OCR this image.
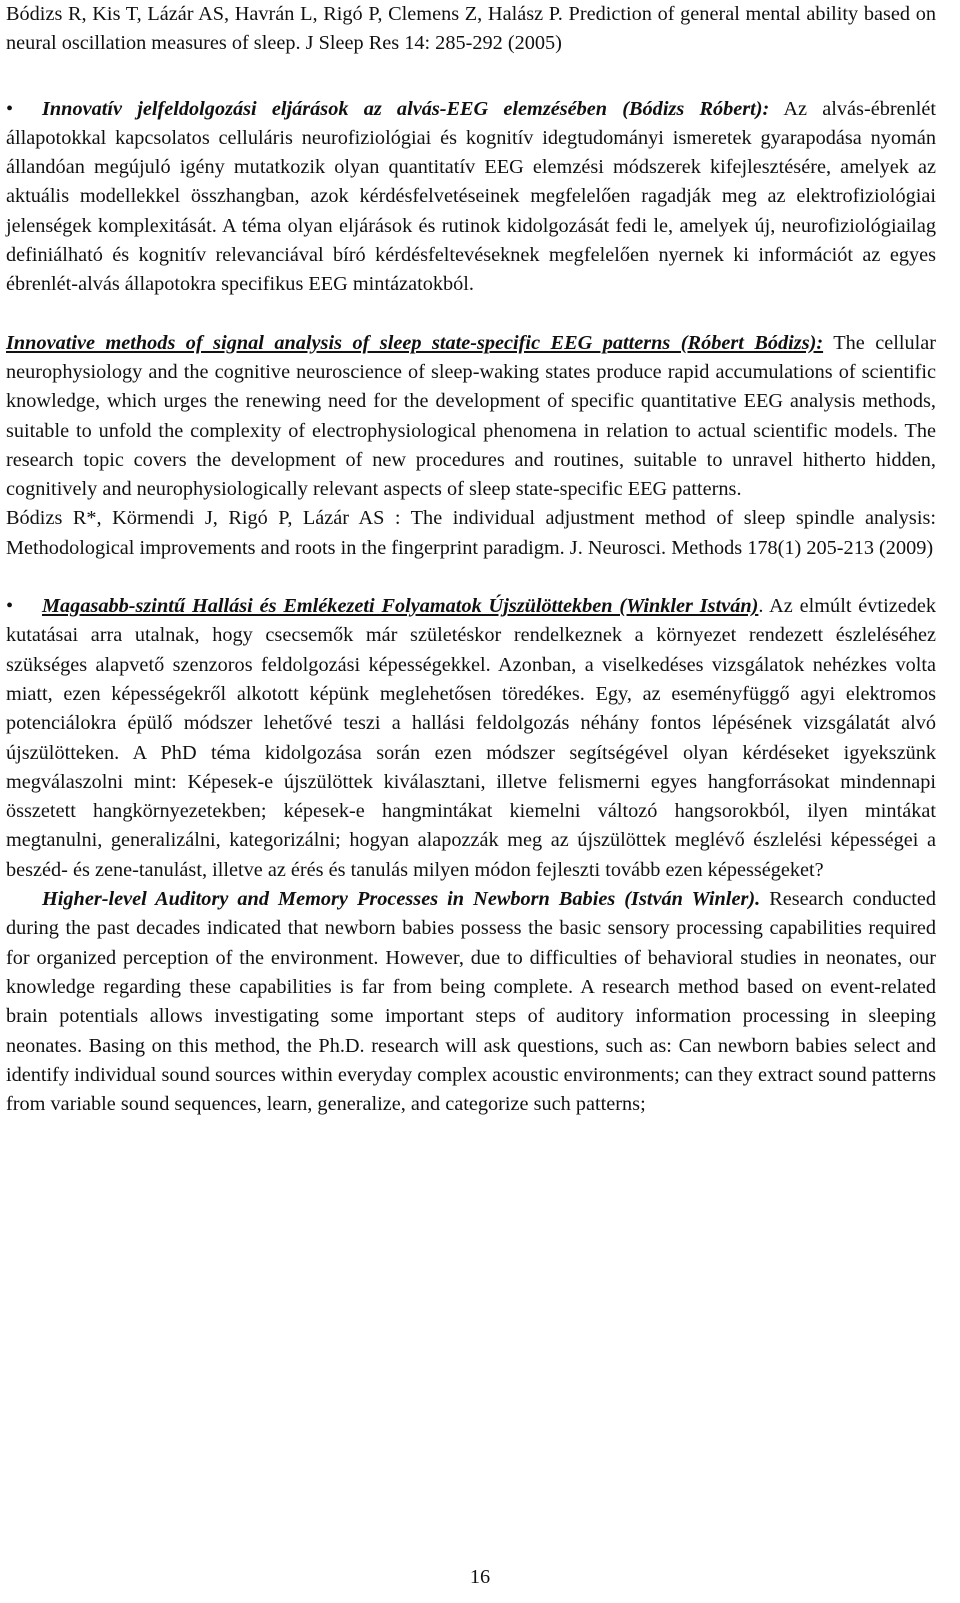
Bódizs R, Kis T, Lázár AS, Havrán L, Rigó P, Clemens Z, Halász P. Prediction of general mental ability based on neural oscillation measures of sleep. J Sleep Res 14: 285-292 (2005)

• Innovatív jelfeldolgozási eljárások az alvás-EEG elemzésében (Bódizs Róbert): Az alvás-ébrenlét állapotokkal kapcsolatos celluláris neurofiziológiai és kognitív idegtudományi ismeretek gyarapodása nyomán állandóan megújuló igény mutatkozik olyan quantitatív EEG elemzési módszerek kifejlesztésére, amelyek az aktuális modellekkel összhangban, azok kérdésfelvetéseinek megfelelően ragadják meg az elektrofiziológiai jelenségek komplexitását. A téma olyan eljárások és rutinok kidolgozását fedi le, amelyek új, neurofiziológiailag definiálható és kognitív relevanciával bíró kérdésfeltevéseknek megfelelően nyernek ki információt az egyes ébrenlét-alvás állapotokra specifikus EEG mintázatokból.

Innovative methods of signal analysis of sleep state-specific EEG patterns (Róbert Bódizs): The cellular neurophysiology and the cognitive neuroscience of sleep-waking states produce rapid accumulations of scientific knowledge, which urges the renewing need for the development of specific quantitative EEG analysis methods, suitable to unfold the complexity of electrophysiological phenomena in relation to actual scientific models. The research topic covers the development of new procedures and routines, suitable to unravel hitherto hidden, cognitively and neurophysiologically relevant aspects of sleep state-specific EEG patterns.

Bódizs R*, Körmendi J, Rigó P, Lázár AS : The individual adjustment method of sleep spindle analysis: Methodological improvements and roots in the fingerprint paradigm. J. Neurosci. Methods 178(1) 205-213 (2009)

• Magasabb-szintű Hallási és Emlékezeti Folyamatok Újszülöttekben (Winkler István). Az elmúlt évtizedek kutatásai arra utalnak, hogy csecsemők már születéskor rendelkeznek a környezet rendezett észleléséhez szükséges alapvető szenzoros feldolgozási képességekkel. Azonban, a viselkedéses vizsgálatok nehézkes volta miatt, ezen képességekről alkotott képünk meglehetősen töredékes. Egy, az eseményfüggő agyi elektromos potenciálokra épülő módszer lehetővé teszi a hallási feldolgozás néhány fontos lépésének vizsgálatát alvó újszülötteken. A PhD téma kidolgozása során ezen módszer segítségével olyan kérdéseket igyekszünk megválaszolni mint: Képesek-e újszülöttek kiválasztani, illetve felismerni egyes hangforrásokat mindennapi összetett hangkörnyezetekben; képesek-e hangmintákat kiemelni változó hangsorokból, ilyen mintákat megtanulni, generalizálni, kategorizálni; hogyan alapozzák meg az újszülöttek meglévő észlelési képességei a beszéd- és zene-tanulást, illetve az érés és tanulás milyen módon fejleszti tovább ezen képességeket?

Higher-level Auditory and Memory Processes in Newborn Babies (István Winler). Research conducted during the past decades indicated that newborn babies possess the basic sensory processing capabilities required for organized perception of the environment. However, due to difficulties of behavioral studies in neonates, our knowledge regarding these capabilities is far from being complete. A research method based on event-related brain potentials allows investigating some important steps of auditory information processing in sleeping neonates. Basing on this method, the Ph.D. research will ask questions, such as: Can newborn babies select and identify individual sound sources within everyday complex acoustic environments; can they extract sound patterns from variable sound sequences, learn, generalize, and categorize such patterns;

16
